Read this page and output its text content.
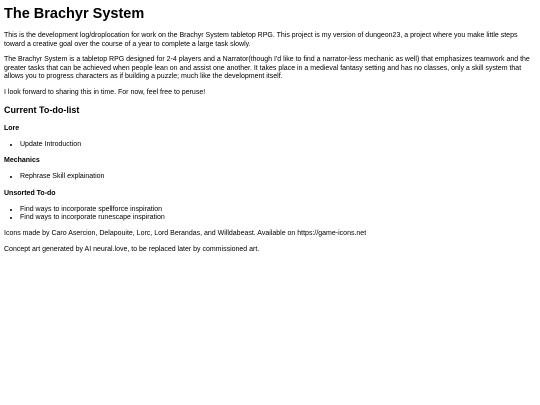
The Brachyr System

This is the development log/droplocation for work on the Brachyr System tabletop RPG. This project is my version of dungeon23, a project where you make little steps toward a creative goal over the course of a year to complete a large task slowly.

The Brachyr System is a tabletop RPG designed for 2-4 players and a Narrator(though I'd like to find a narrator-less mechanic as well) that emphasizes teamwork and the greater tasks that can be achieved when people lean on and assist one another. It takes place in a medieval fantasy setting and has no classes, only a skill system that allows you to progress characters as if building a puzzle; much like the development itself.

I look forward to sharing this in time. For now, feel free to peruse!

Current To-do-list
Lore
• Update Introduction
Mechanics
• Rephrase Skill explaination
Unsorted To-do
• Find ways to incorporate spellforce inspiration
• Find ways to incorporate runescape inspiration

Icons made by Caro Asercion, Delapouite, Lorc, Lord Berandas, and Willdabeast. Available on https://game-icons.net

Concept art generated by AI neural.love, to be replaced later by commissioned art.
